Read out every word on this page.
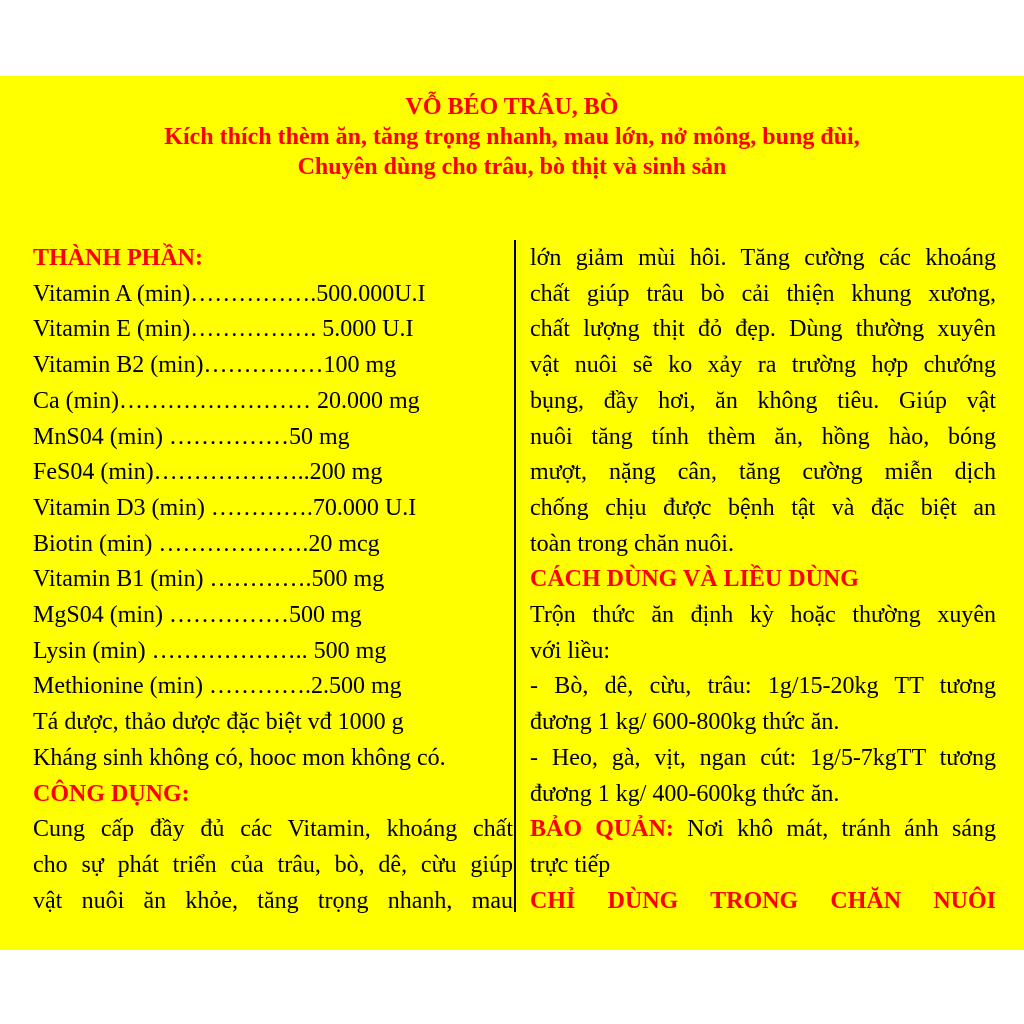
VỖ BÉO TRÂU, BÒ
Kích thích thèm ăn, tăng trọng nhanh, mau lớn, nở mông, bung đùi,
Chuyên dùng cho trâu, bò thịt và sinh sản
THÀNH PHẦN:
Vitamin A (min)…………….500.000U.I
Vitamin E (min)……………. 5.000 U.I
Vitamin B2 (min)……………100 mg
Ca (min)…………………… 20.000 mg
MnS04 (min) ……………50 mg
FeS04 (min)………………..200 mg
Vitamin D3 (min) ………….70.000 U.I
Biotin (min) ……………….20 mcg
Vitamin B1 (min) ………….500 mg
MgS04 (min) ……………500 mg
Lysin (min) ……………….. 500 mg
Methionine (min) ………….2.500 mg
Tá dược, thảo dược đặc biệt vđ 1000 g
Kháng sinh không có, hooc mon không có.
CÔNG DỤNG:
Cung cấp đầy đủ các Vitamin, khoáng chất
cho sự phát triển của trâu, bò, dê, cừu giúp
vật nuôi ăn khỏe, tăng trọng nhanh, mau
lớn giảm mùi hôi. Tăng cường các khoáng
chất giúp trâu bò cải thiện khung xương,
chất lượng thịt đỏ đẹp. Dùng thường xuyên
vật nuôi sẽ ko xảy ra trường hợp chướng
bụng, đầy hơi, ăn không tiêu. Giúp vật
nuôi tăng tính thèm ăn, hồng hào, bóng
mượt, nặng cân, tăng cường miễn dịch
chống chịu được bệnh tật và đặc biệt an
toàn trong chăn nuôi.
CÁCH DÙNG VÀ LIỀU DÙNG
Trộn thức ăn định kỳ hoặc thường xuyên
với liều:
- Bò, dê, cừu, trâu: 1g/15-20kg TT tương
đương 1 kg/ 600-800kg thức ăn.
- Heo, gà, vịt, ngan cút: 1g/5-7kgTT tương
đương 1 kg/ 400-600kg thức ăn.
BẢO QUẢN: Nơi khô mát, tránh ánh sáng
trực tiếp
CHỈ DÙNG TRONG CHĂN NUÔI
